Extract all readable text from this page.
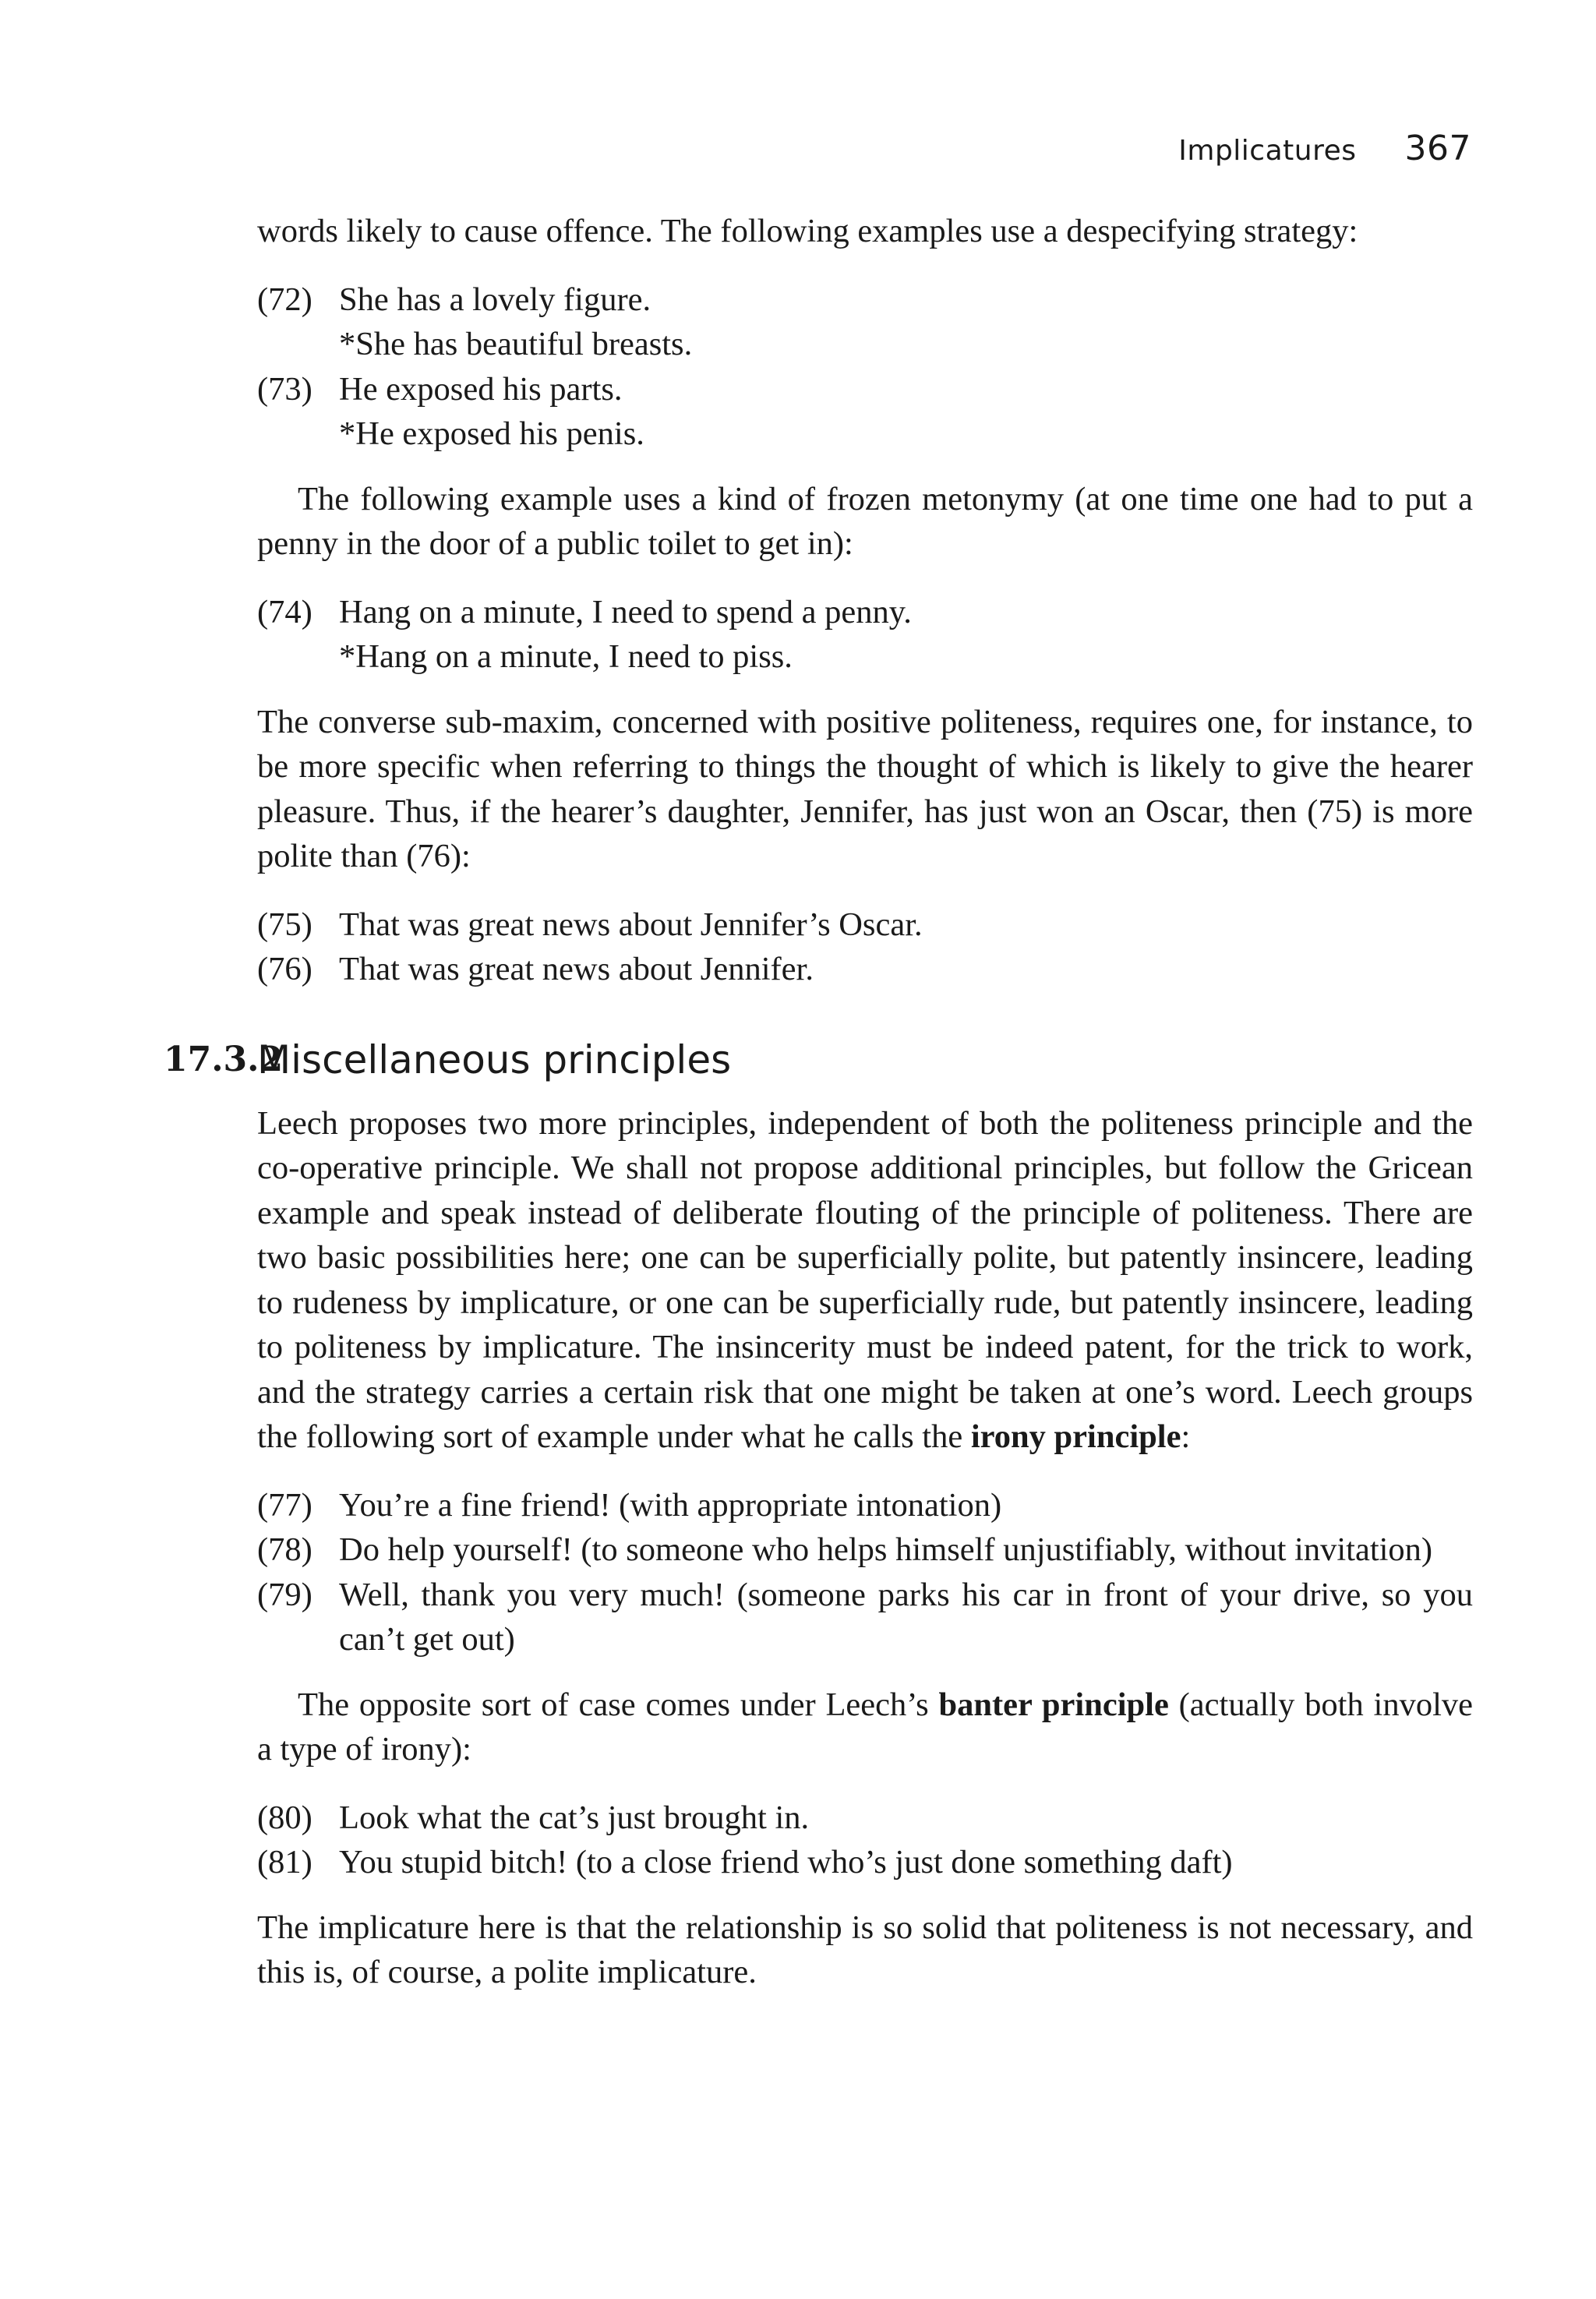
Implicatures 367

words likely to cause offence. The following examples use a despecifying strategy:

(72) She has a lovely figure.
*She has beautiful breasts.
(73) He exposed his parts.
*He exposed his penis.

The following example uses a kind of frozen metonymy (at one time one had to put a penny in the door of a public toilet to get in):

(74) Hang on a minute, I need to spend a penny.
*Hang on a minute, I need to piss.

The converse sub-maxim, concerned with positive politeness, requires one, for instance, to be more specific when referring to things the thought of which is likely to give the hearer pleasure. Thus, if the hearer’s daughter, Jennifer, has just won an Oscar, then (75) is more polite than (76):

(75) That was great news about Jennifer’s Oscar.
(76) That was great news about Jennifer.
17.3.2
Miscellaneous principles

Leech proposes two more principles, independent of both the politeness principle and the co-operative principle. We shall not propose additional principles, but follow the Gricean example and speak instead of deliberate flouting of the principle of politeness. There are two basic possibilities here; one can be superficially polite, but patently insincere, leading to rudeness by implicature, or one can be superficially rude, but patently insincere, leading to politeness by implicature. The insincerity must be indeed patent, for the trick to work, and the strategy carries a certain risk that one might be taken at one’s word. Leech groups the following sort of example under what he calls the irony principle:

(77) You’re a fine friend! (with appropriate intonation)
(78) Do help yourself! (to someone who helps himself unjustifiably, without invitation)
(79) Well, thank you very much! (someone parks his car in front of your drive, so you can’t get out)

The opposite sort of case comes under Leech’s banter principle (actually both involve a type of irony):

(80) Look what the cat’s just brought in.
(81) You stupid bitch! (to a close friend who’s just done something daft)

The implicature here is that the relationship is so solid that politeness is not necessary, and this is, of course, a polite implicature.
